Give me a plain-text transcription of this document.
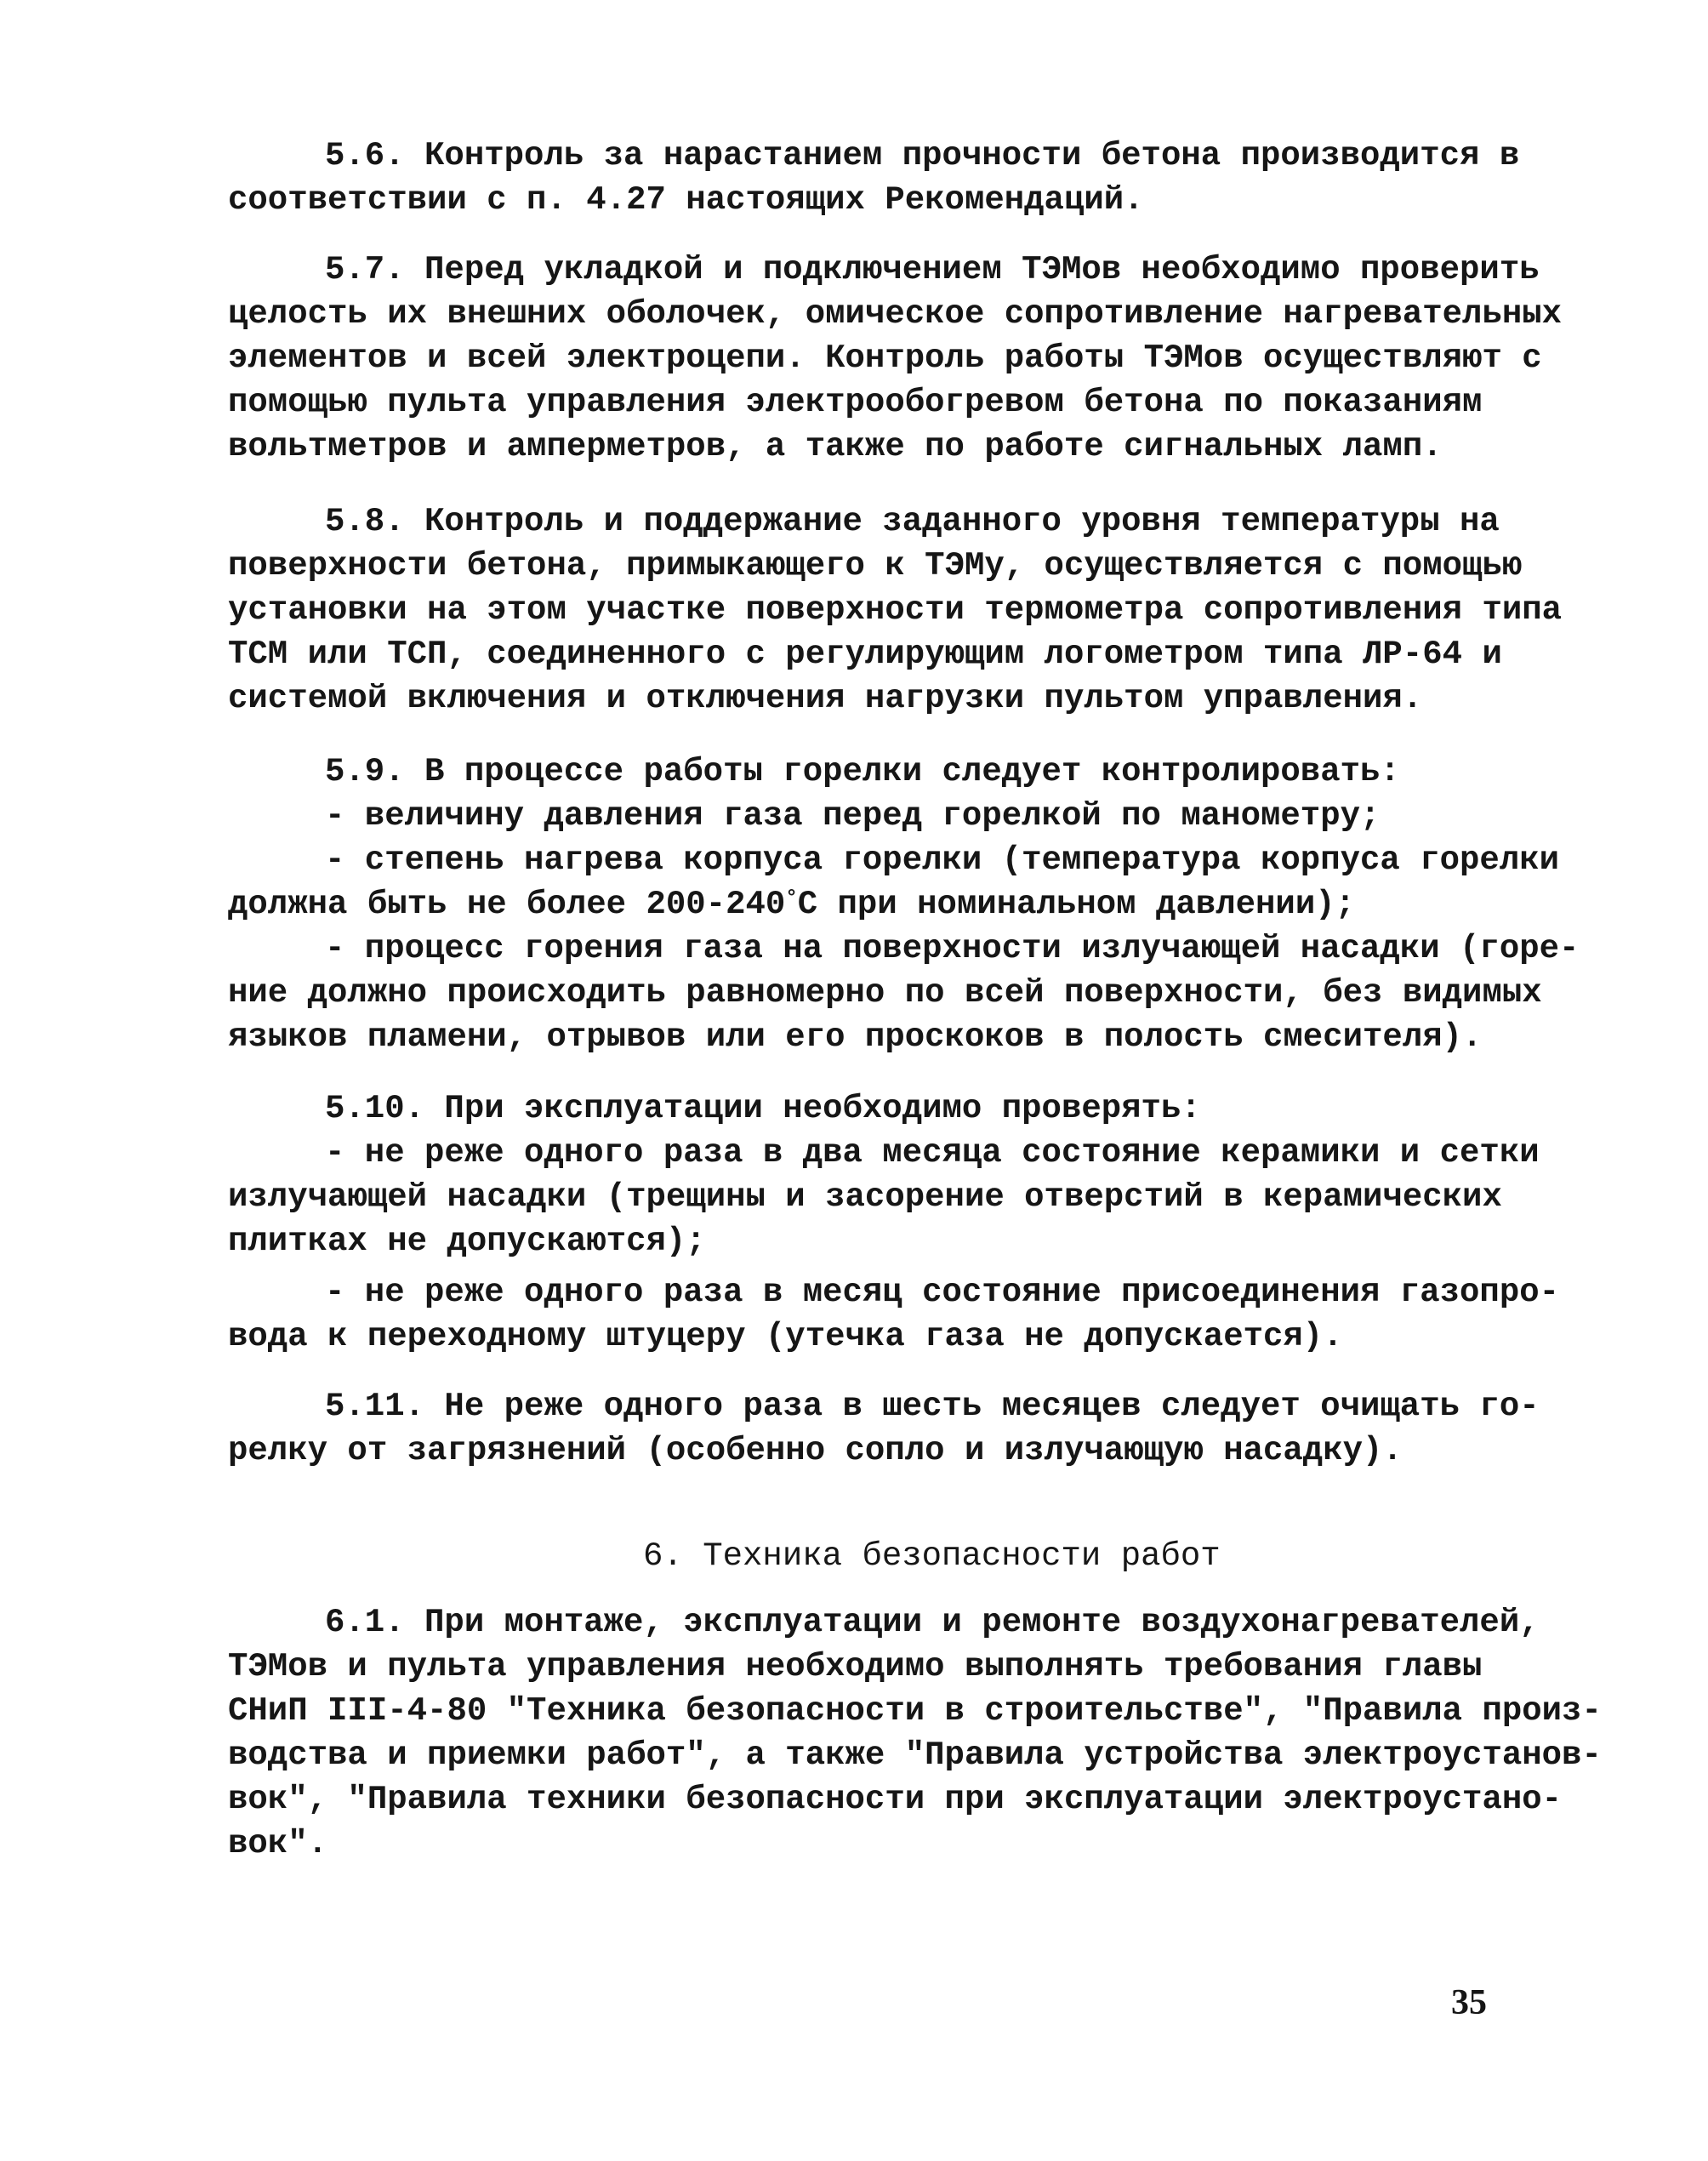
5.6. Контроль за нарастанием прочности бетона производится в
соответствии с п. 4.27 настоящих Рекомендаций.
5.7. Перед укладкой и подключением ТЭМов необходимо проверить
целость их внешних оболочек, омическое сопротивление нагревательных
элементов и всей электроцепи. Контроль работы ТЭМов осуществляют с
помощью пульта управления электрообогревом бетона по показаниям
вольтметров и амперметров, а также по работе сигнальных ламп.
5.8. Контроль и поддержание заданного уровня температуры на
поверхности бетона, примыкающего к ТЭМу, осуществляется с помощью
установки на этом участке поверхности термометра сопротивления типа
ТСМ или ТСП, соединенного с регулирующим логометром типа ЛР-64 и
системой включения и отключения нагрузки пультом управления.
5.9. В процессе работы горелки следует контролировать:
- величину давления газа перед горелкой по манометру;
- степень нагрева корпуса горелки (температура корпуса горелки
должна быть не более 200-240°С при номинальном давлении);
- процесс горения газа на поверхности излучающей насадки (горе-
ние должно происходить равномерно по всей поверхности, без видимых
языков пламени, отрывов или его проскоков в полость смесителя).
5.10. При эксплуатации необходимо проверять:
- не реже одного раза в два месяца состояние керамики и сетки
излучающей насадки (трещины и засорение отверстий в керамических
плитках не допускаются);
- не реже одного раза в месяц состояние присоединения газопро-
вода к переходному штуцеру (утечка газа не допускается).
5.11. Не реже одного раза в шесть месяцев следует очищать го-
релку от загрязнений (особенно сопло и излучающую насадку).
6. Техника безопасности работ
6.1. При монтаже, эксплуатации и ремонте воздухонагревателей,
ТЭМов и пульта управления необходимо выполнять требования главы
СНиП III-4-80 "Техника безопасности в строительстве", "Правила произ-
водства и приемки работ", а также "Правила устройства электроустанов-
вок", "Правила техники безопасности при эксплуатации электроустано-
вок".
35
